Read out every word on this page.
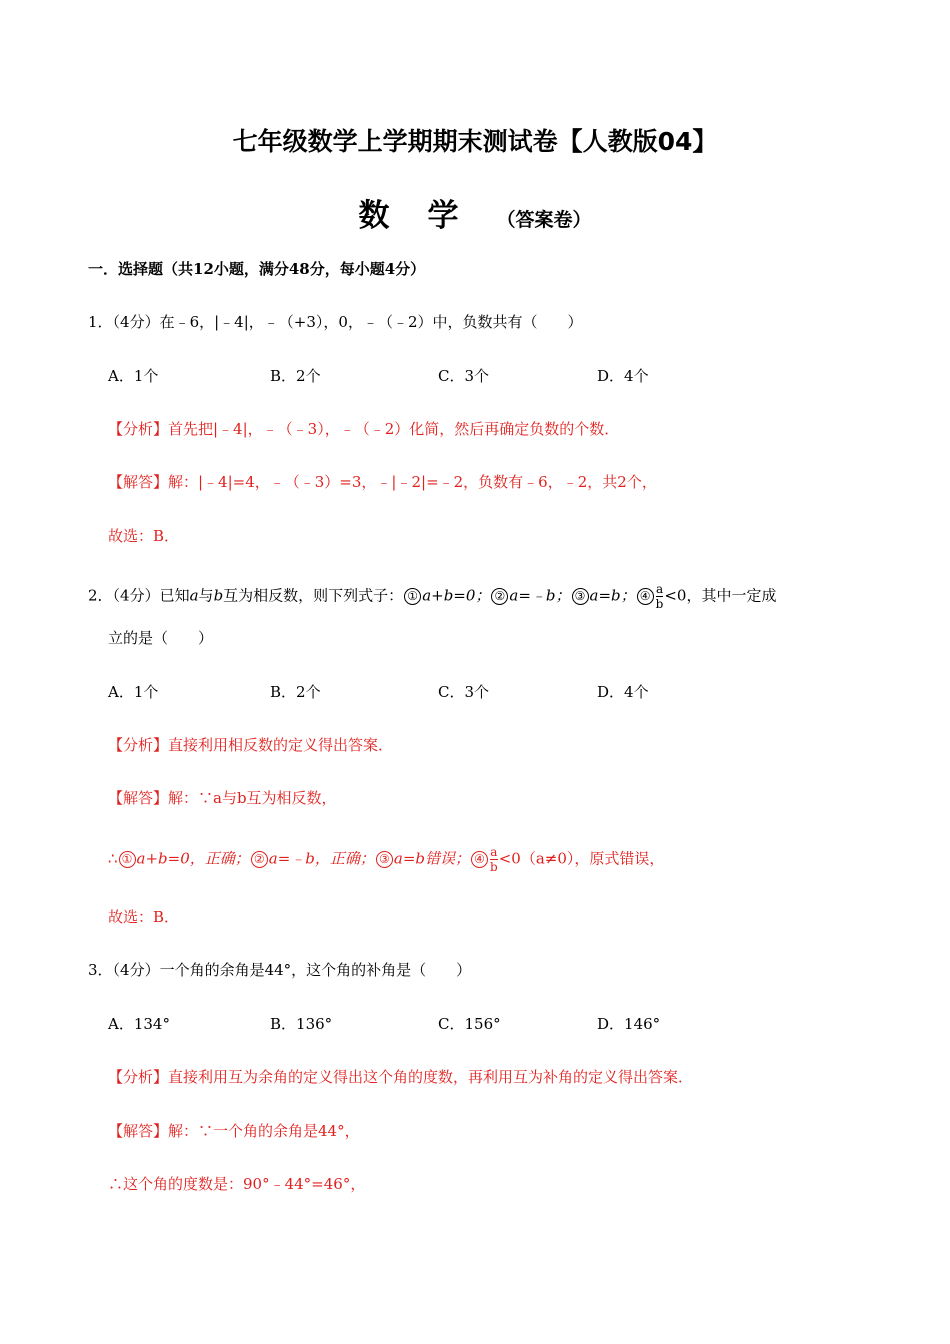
七年级数学上学期期末测试卷【人教版04】
数学（答案卷）
一．选择题（共12小题，满分48分，每小题4分）
1．（4分）在﹣6，|﹣4|，﹣（+3），0，﹣（﹣2）中，负数共有（　　）
A．1个	B．2个	C．3个	D．4个
【分析】首先把|﹣4|，﹣（﹣3），﹣（﹣2）化简，然后再确定负数的个数．
【解答】解：|﹣4|=4，﹣（﹣3）=3，﹣|﹣2|=﹣2，负数有﹣6，﹣2，共2个，
故选：B．
2．（4分）已知a与b互为相反数，则下列式子： ① a+b=0； ② a=﹣b； ③ a=b； ④ $\frac{a}{b} <0$，其中一定成
立的是（　　）
A．1个	B．2个	C．3个	D．4个
【分析】直接利用相反数的定义得出答案．
【解答】解：∵a与b互为相反数，
∴ ① a+b=0，正确； ② a=﹣b，正确； ③ a=b错误； ④ $\frac{a}{b} <0(a\ne 0)$，原式错误，
故选：B．
3．（4分）一个角的余角是44°，这个角的补角是（　　）
A．134°	B．136°	C．156°	D．146°
【分析】直接利用互为余角的定义得出这个角的度数，再利用互为补角的定义得出答案．
【解答】解：∵一个角的余角是44°，
∴这个角的度数是：90°﹣44°=46°，
